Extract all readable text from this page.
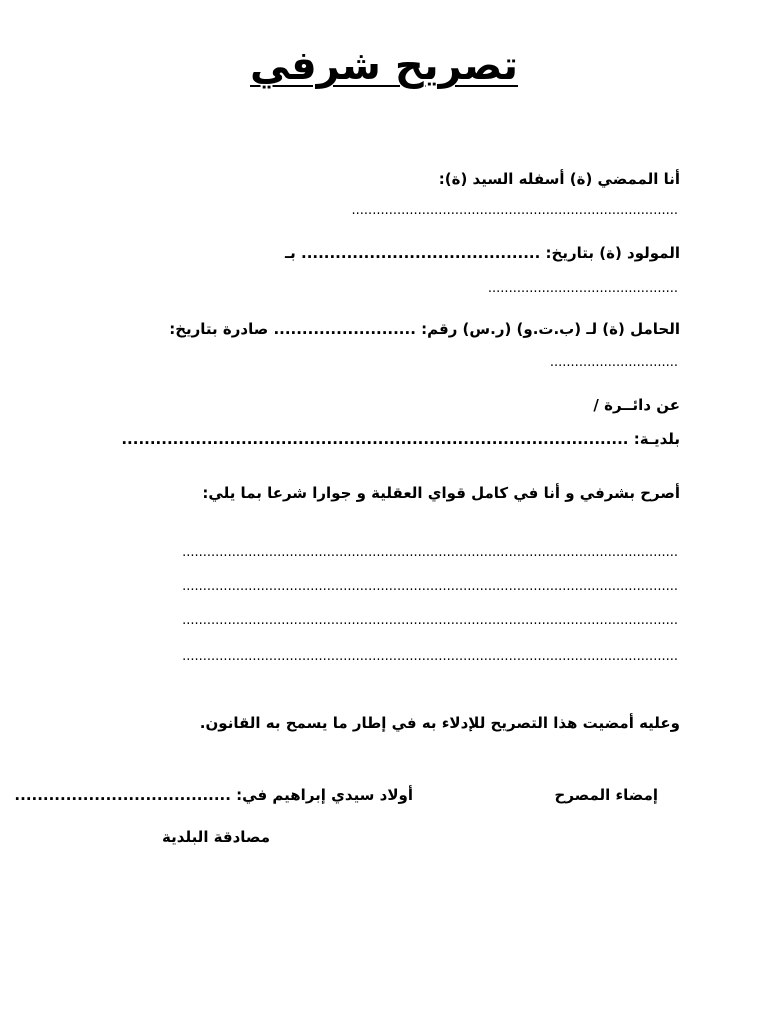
تصريح شرفي
أنا الممضي (ة) أسفله السيد (ة):
...............................................................................
المولود (ة) بتاريخ: .......................................... بـ
..............................................
الحامل (ة) لـ (ب.ت.و) (ر.س) رقم: ......................... صادرة بتاريخ:
...............................
عن دائــرة /
بلديـة: .........................................................................................
أصرح بشرفي و أنا في كامل قواي العقلية و جوارا شرعا بما يلي:
........................................................................................................................
........................................................................................................................
........................................................................................................................
........................................................................................................................
وعليه أمضيت هذا التصريح للإدلاء به في إطار ما يسمح به القانون.
إمضاء المصرح
أولاد سيدي إبراهيم في: ......................................
مصادقة البلدية
